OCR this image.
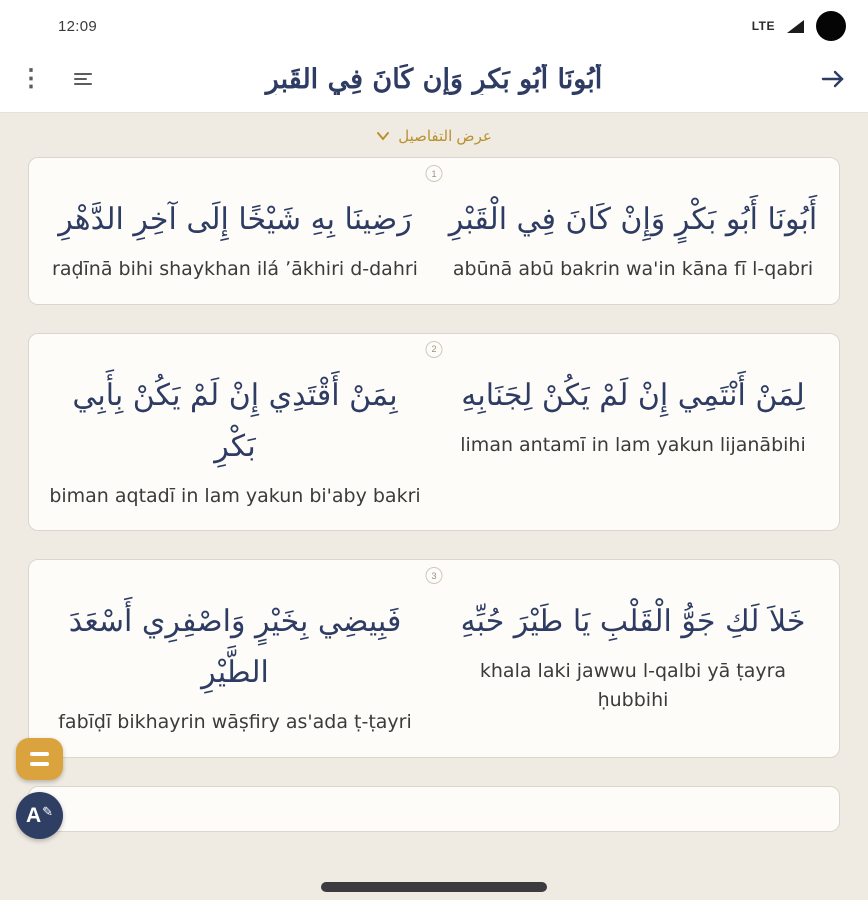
12:09	LTE
⋮	أَبُونَا أَبُو بَكرٍ وَإِن كَانَ فِي القَبرِ
عرض التفاصيل
1
أَبُونَا أَبُو بَكْرٍ وَإِنْ كَانَ فِي الْقَبْرِ
abūnā abū bakrin wa'in kāna fī l-qabri
رَضِينَا بِهِ شَيْخًا إِلَى آخِرِ الدَّهْرِ
raḍīnā bihi shaykhan ilá ʼākhiri d-dahri
2
لِمَنْ أَنْتَمِي إِنْ لَمْ يَكُنْ لِجَنَابِهِ
liman antamī in lam yakun lijanābihi
بِمَنْ أَقْتَدِي إِنْ لَمْ يَكُنْ بِأَبِي بَكْرِ
biman aqtadī in lam yakun bi'aby bakri
3
خَلاَ لَكِ جَوُّ الْقَلْبِ يَا طَيْرَ حُبِّهِ
khala laki jawwu l-qalbi yā ṭayra ḥubbihi
فَبِيضِي بِخَيْرٍ وَاصْفِرِي أَسْعَدَ الطَّيْرِ
fabīḍī bikhayrin wāṣfiry as'ada ṭ-ṭayri
A ✎
